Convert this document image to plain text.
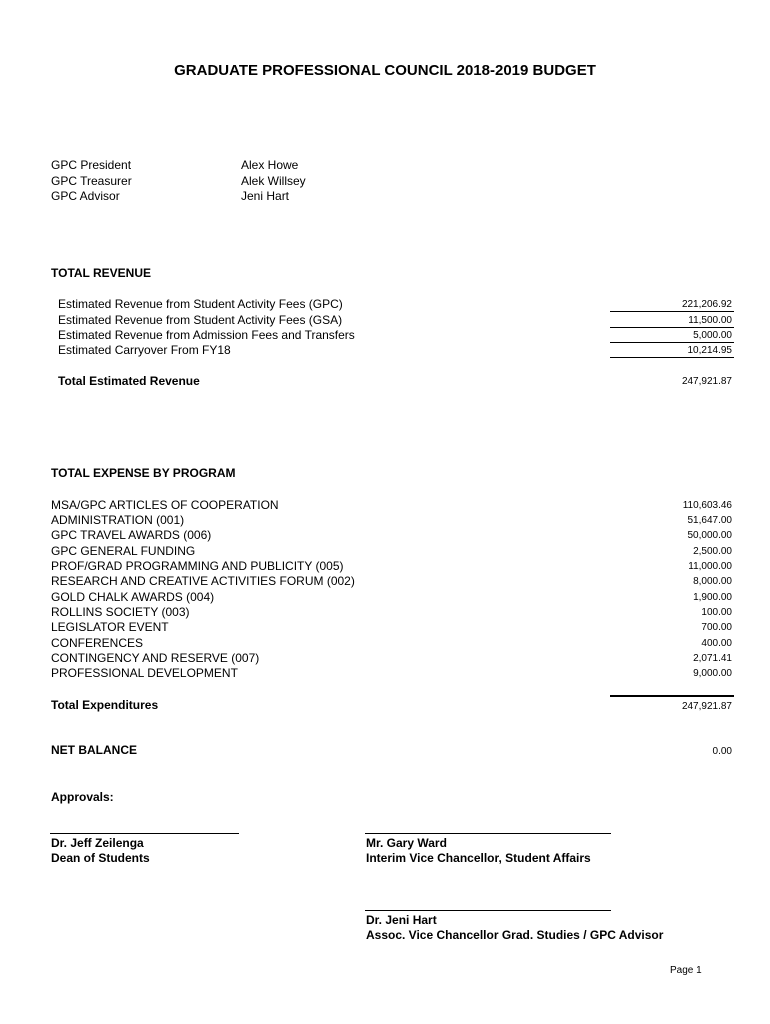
GRADUATE PROFESSIONAL COUNCIL 2018-2019 BUDGET
GPC President	Alex Howe
GPC Treasurer	Alek Willsey
GPC Advisor	Jeni Hart
TOTAL REVENUE
Estimated Revenue from Student Activity Fees (GPC)	221,206.92
Estimated Revenue from Student Activity Fees (GSA)	11,500.00
Estimated Revenue from Admission Fees and Transfers	5,000.00
Estimated Carryover From FY18	10,214.95
Total Estimated Revenue	247,921.87
TOTAL EXPENSE BY PROGRAM
MSA/GPC ARTICLES OF COOPERATION	110,603.46
ADMINISTRATION (001)	51,647.00
GPC TRAVEL AWARDS (006)	50,000.00
GPC GENERAL FUNDING	2,500.00
PROF/GRAD PROGRAMMING AND PUBLICITY (005)	11,000.00
RESEARCH AND CREATIVE ACTIVITIES FORUM (002)	8,000.00
GOLD CHALK AWARDS (004)	1,900.00
ROLLINS SOCIETY (003)	100.00
LEGISLATOR EVENT	700.00
CONFERENCES	400.00
CONTINGENCY AND RESERVE (007)	2,071.41
PROFESSIONAL DEVELOPMENT	9,000.00
Total Expenditures	247,921.87
NET BALANCE	0.00
Approvals:
Dr. Jeff Zeilenga
Dean of Students
Mr. Gary Ward
Interim Vice Chancellor, Student Affairs
Dr. Jeni Hart
Assoc. Vice Chancellor Grad. Studies / GPC Advisor
Page 1
